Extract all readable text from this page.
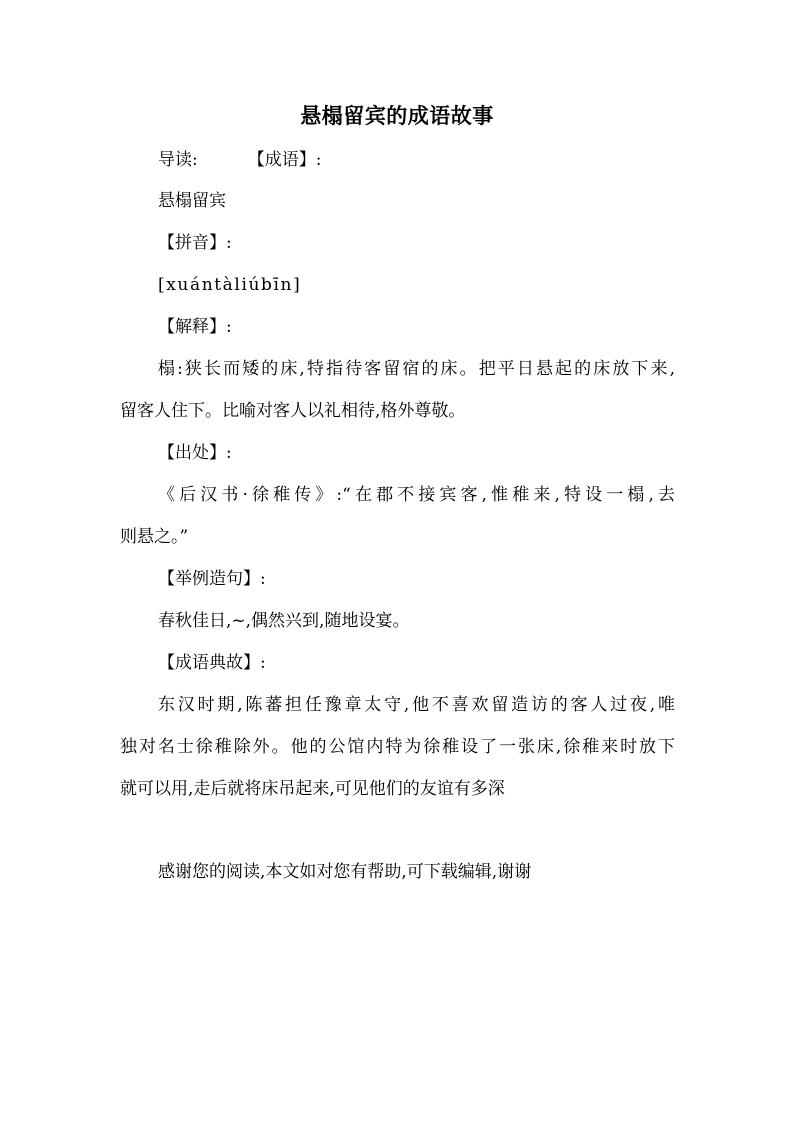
悬榻留宾的成语故事
导读:	【成语】:
悬榻留宾
【拼音】:
[xuántàliúbīn]
【解释】:
榻:狭长而矮的床,特指待客留宿的床。把平日悬起的床放下来,
留客人住下。比喻对客人以礼相待,格外尊敬。
【出处】:
《后汉书·徐稚传》:“在郡不接宾客,惟稚来,特设一榻,去
则悬之。”
【举例造句】:
春秋佳日,~,偶然兴到,随地设宴。
【成语典故】:
东汉时期,陈蕃担任豫章太守,他不喜欢留造访的客人过夜,唯
独对名士徐稚除外。他的公馆内特为徐稚设了一张床,徐稚来时放下
就可以用,走后就将床吊起来,可见他们的友谊有多深
感谢您的阅读,本文如对您有帮助,可下载编辑,谢谢
